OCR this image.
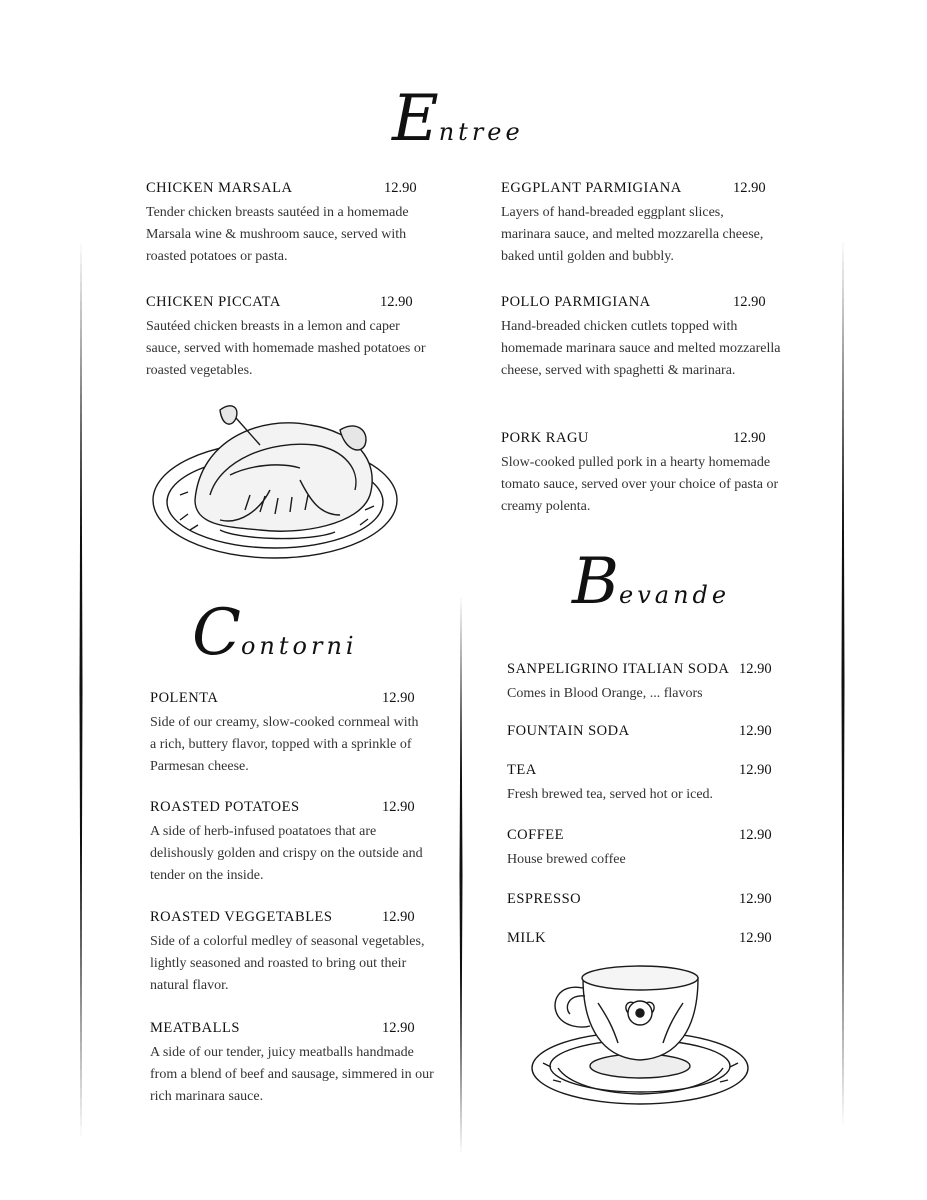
Entree
Contorni
Bevande
CHICKEN MARSALA	12.90
Tender chicken breasts sautéed in a homemade Marsala wine & mushroom sauce, served with roasted potatoes or pasta.
CHICKEN PICCATA	12.90
Sautéed chicken breasts in a lemon and caper sauce, served with homemade mashed potatoes or roasted vegetables.
EGGPLANT PARMIGIANA	12.90
Layers of hand-breaded eggplant slices, marinara sauce, and melted mozzarella cheese, baked until golden and bubbly.
POLLO PARMIGIANA	12.90
Hand-breaded chicken cutlets topped with homemade marinara sauce and melted mozzarella cheese, served with spaghetti & marinara.
PORK RAGU	12.90
Slow-cooked pulled pork in a hearty homemade tomato sauce, served over your choice of pasta or creamy polenta.
POLENTA	12.90
Side of our creamy, slow-cooked cornmeal with a rich, buttery flavor, topped with a sprinkle of Parmesan cheese.
ROASTED POTATOES	12.90
A side of herb-infused poatatoes that are delishously golden and crispy on the outside and tender on the inside.
ROASTED VEGGETABLES	12.90
Side of a colorful medley of seasonal vegetables, lightly seasoned and roasted to bring out their natural flavor.
MEATBALLS	12.90
A side of our tender, juicy meatballs handmade from a blend of beef and sausage, simmered in our rich marinara sauce.
SANPELIGRINO ITALIAN SODA 12.90
Comes in Blood Orange, ... flavors
FOUNTAIN SODA	12.90
TEA	12.90
Fresh brewed tea, served hot or iced.
COFFEE	12.90
House brewed coffee
ESPRESSO	12.90
MILK	12.90
